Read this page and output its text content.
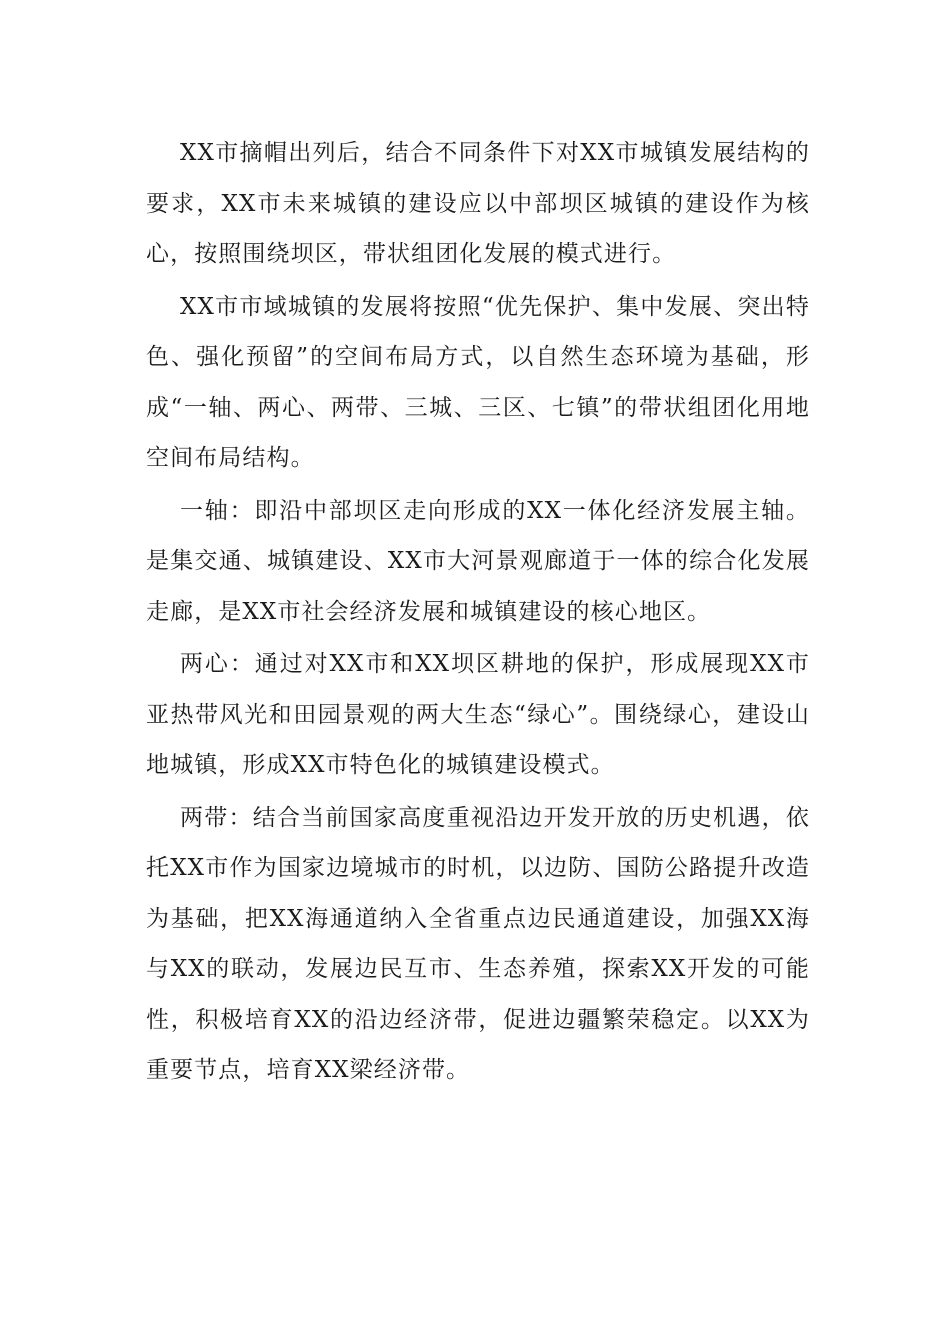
XX市摘帽出列后，结合不同条件下对XX市城镇发展结构的要求，XX市未来城镇的建设应以中部坝区城镇的建设作为核心，按照围绕坝区，带状组团化发展的模式进行。

XX市市域城镇的发展将按照“优先保护、集中发展、突出特色、强化预留”的空间布局方式，以自然生态环境为基础，形成“一轴、两心、两带、三城、三区、七镇”的带状组团化用地空间布局结构。

一轴：即沿中部坝区走向形成的XX一体化经济发展主轴。是集交通、城镇建设、XX市大河景观廊道于一体的综合化发展走廊，是XX市社会经济发展和城镇建设的核心地区。

两心：通过对XX市和XX坝区耕地的保护，形成展现XX市亚热带风光和田园景观的两大生态“绿心”。围绕绿心，建设山地城镇，形成XX市特色化的城镇建设模式。

两带：结合当前国家高度重视沿边开发开放的历史机遇，依托XX市作为国家边境城市的时机，以边防、国防公路提升改造为基础，把XX海通道纳入全省重点边民通道建设，加强XX海与XX的联动，发展边民互市、生态养殖，探索XX开发的可能性，积极培育XX的沿边经济带，促进边疆繁荣稳定。以XX为重要节点，培育XX梁经济带。
